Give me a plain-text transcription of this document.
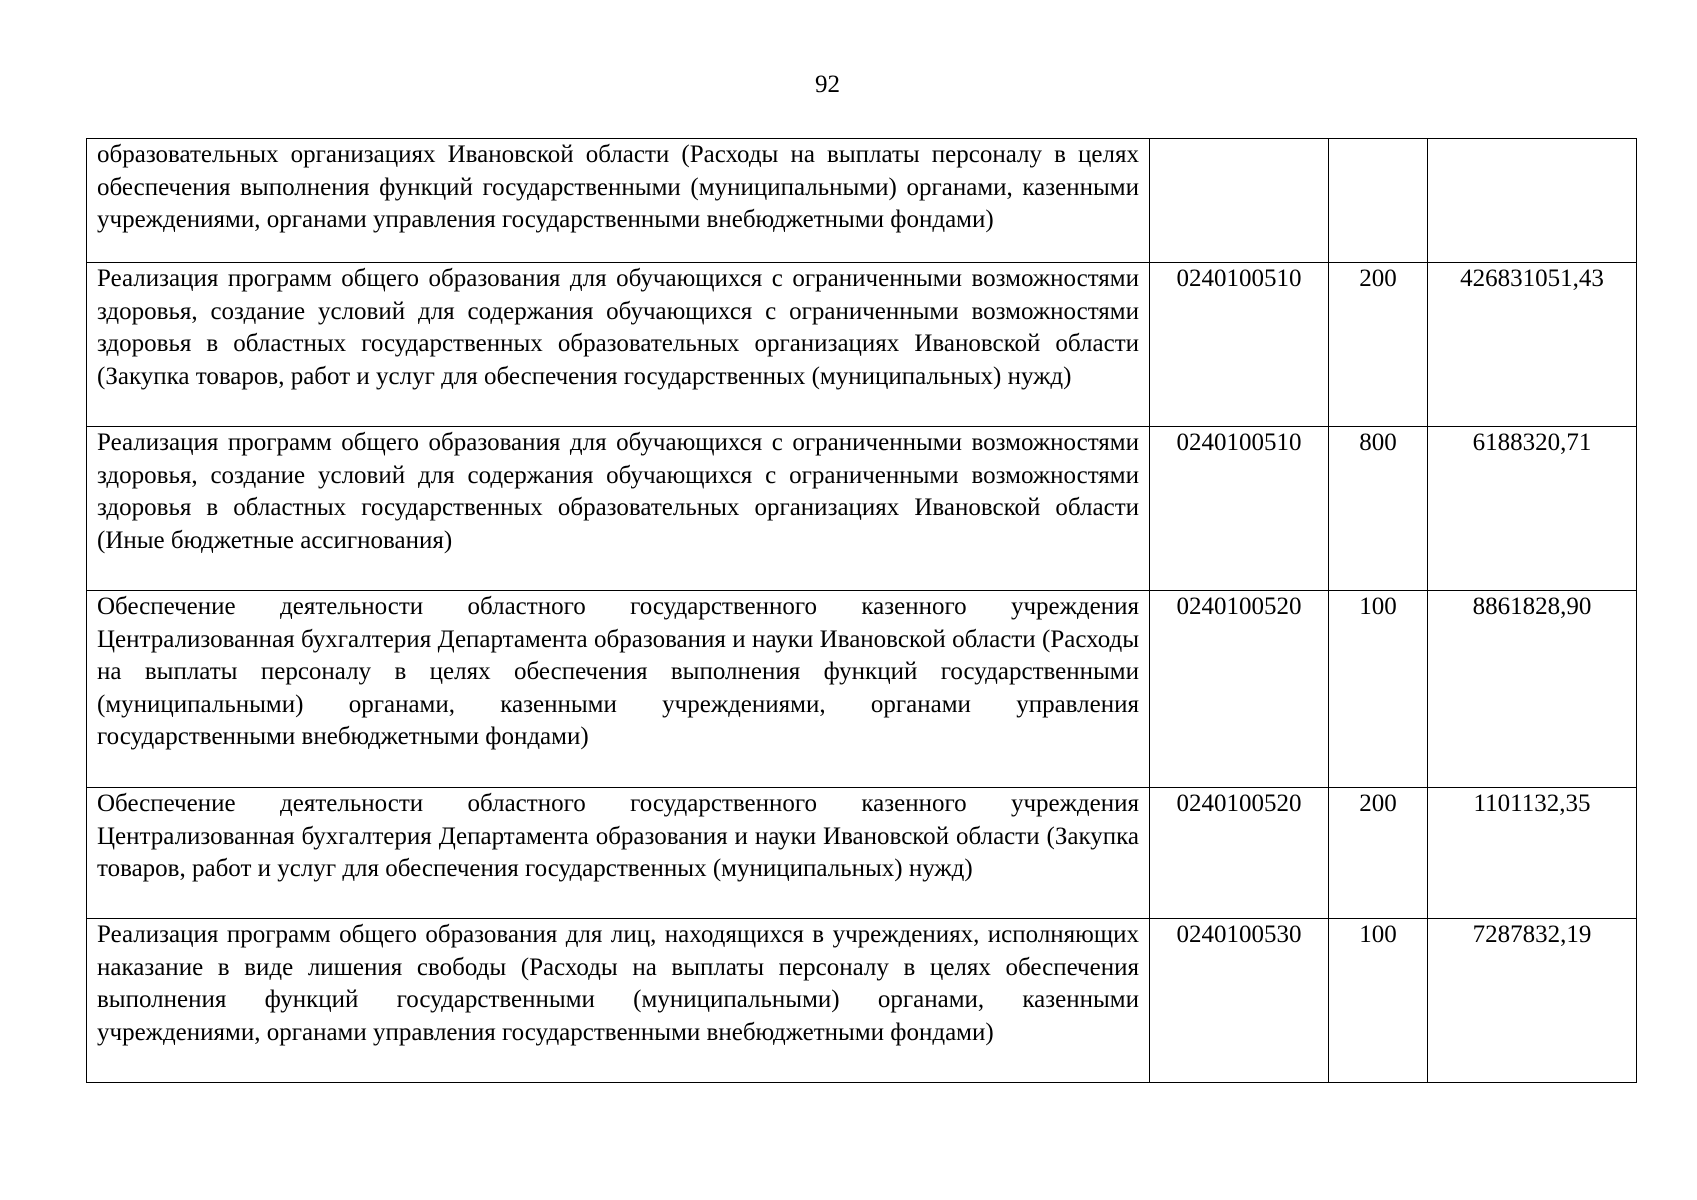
92
образовательных организациях Ивановской области (Расходы на выплаты персоналу в целях обеспечения выполнения функций государственными (муниципальными) органами, казенными учреждениями, органами управления государственными внебюджетными фондами)			
Реализация программ общего образования для обучающихся с ограниченными возможностями здоровья, создание условий для содержания обучающихся с ограниченными возможностями здоровья в областных государственных образовательных организациях Ивановской области (Закупка товаров, работ и услуг для обеспечения государственных (муниципальных) нужд)	0240100510	200	426831051,43
Реализация программ общего образования для обучающихся с ограниченными возможностями здоровья, создание условий для содержания обучающихся с ограниченными возможностями здоровья в областных государственных образовательных организациях Ивановской области (Иные бюджетные ассигнования)	0240100510	800	6188320,71
Обеспечение деятельности областного государственного казенного учреждения Централизованная бухгалтерия Департамента образования и науки Ивановской области (Расходы на выплаты персоналу в целях обеспечения выполнения функций государственными (муниципальными) органами, казенными учреждениями, органами управления государственными внебюджетными фондами)	0240100520	100	8861828,90
Обеспечение деятельности областного государственного казенного учреждения Централизованная бухгалтерия Департамента образования и науки Ивановской области (Закупка товаров, работ и услуг для обеспечения государственных (муниципальных) нужд)	0240100520	200	1101132,35
Реализация программ общего образования для лиц, находящихся в учреждениях, исполняющих наказание в виде лишения свободы (Расходы на выплаты персоналу в целях обеспечения выполнения функций государственными (муниципальными) органами, казенными учреждениями, органами управления государственными внебюджетными фондами)	0240100530	100	7287832,19
